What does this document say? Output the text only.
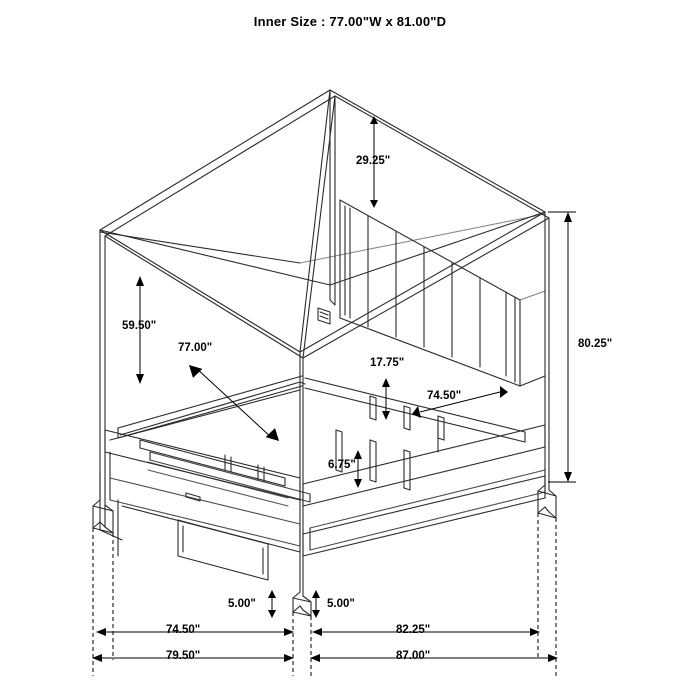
Inner Size : 77.00"W x 81.00"D
29.25"
59.50"
77.00"
17.75"
74.50"
6.75"
80.25"
5.00"	5.00"
74.50"	82.25"
79.50"	87.00"
